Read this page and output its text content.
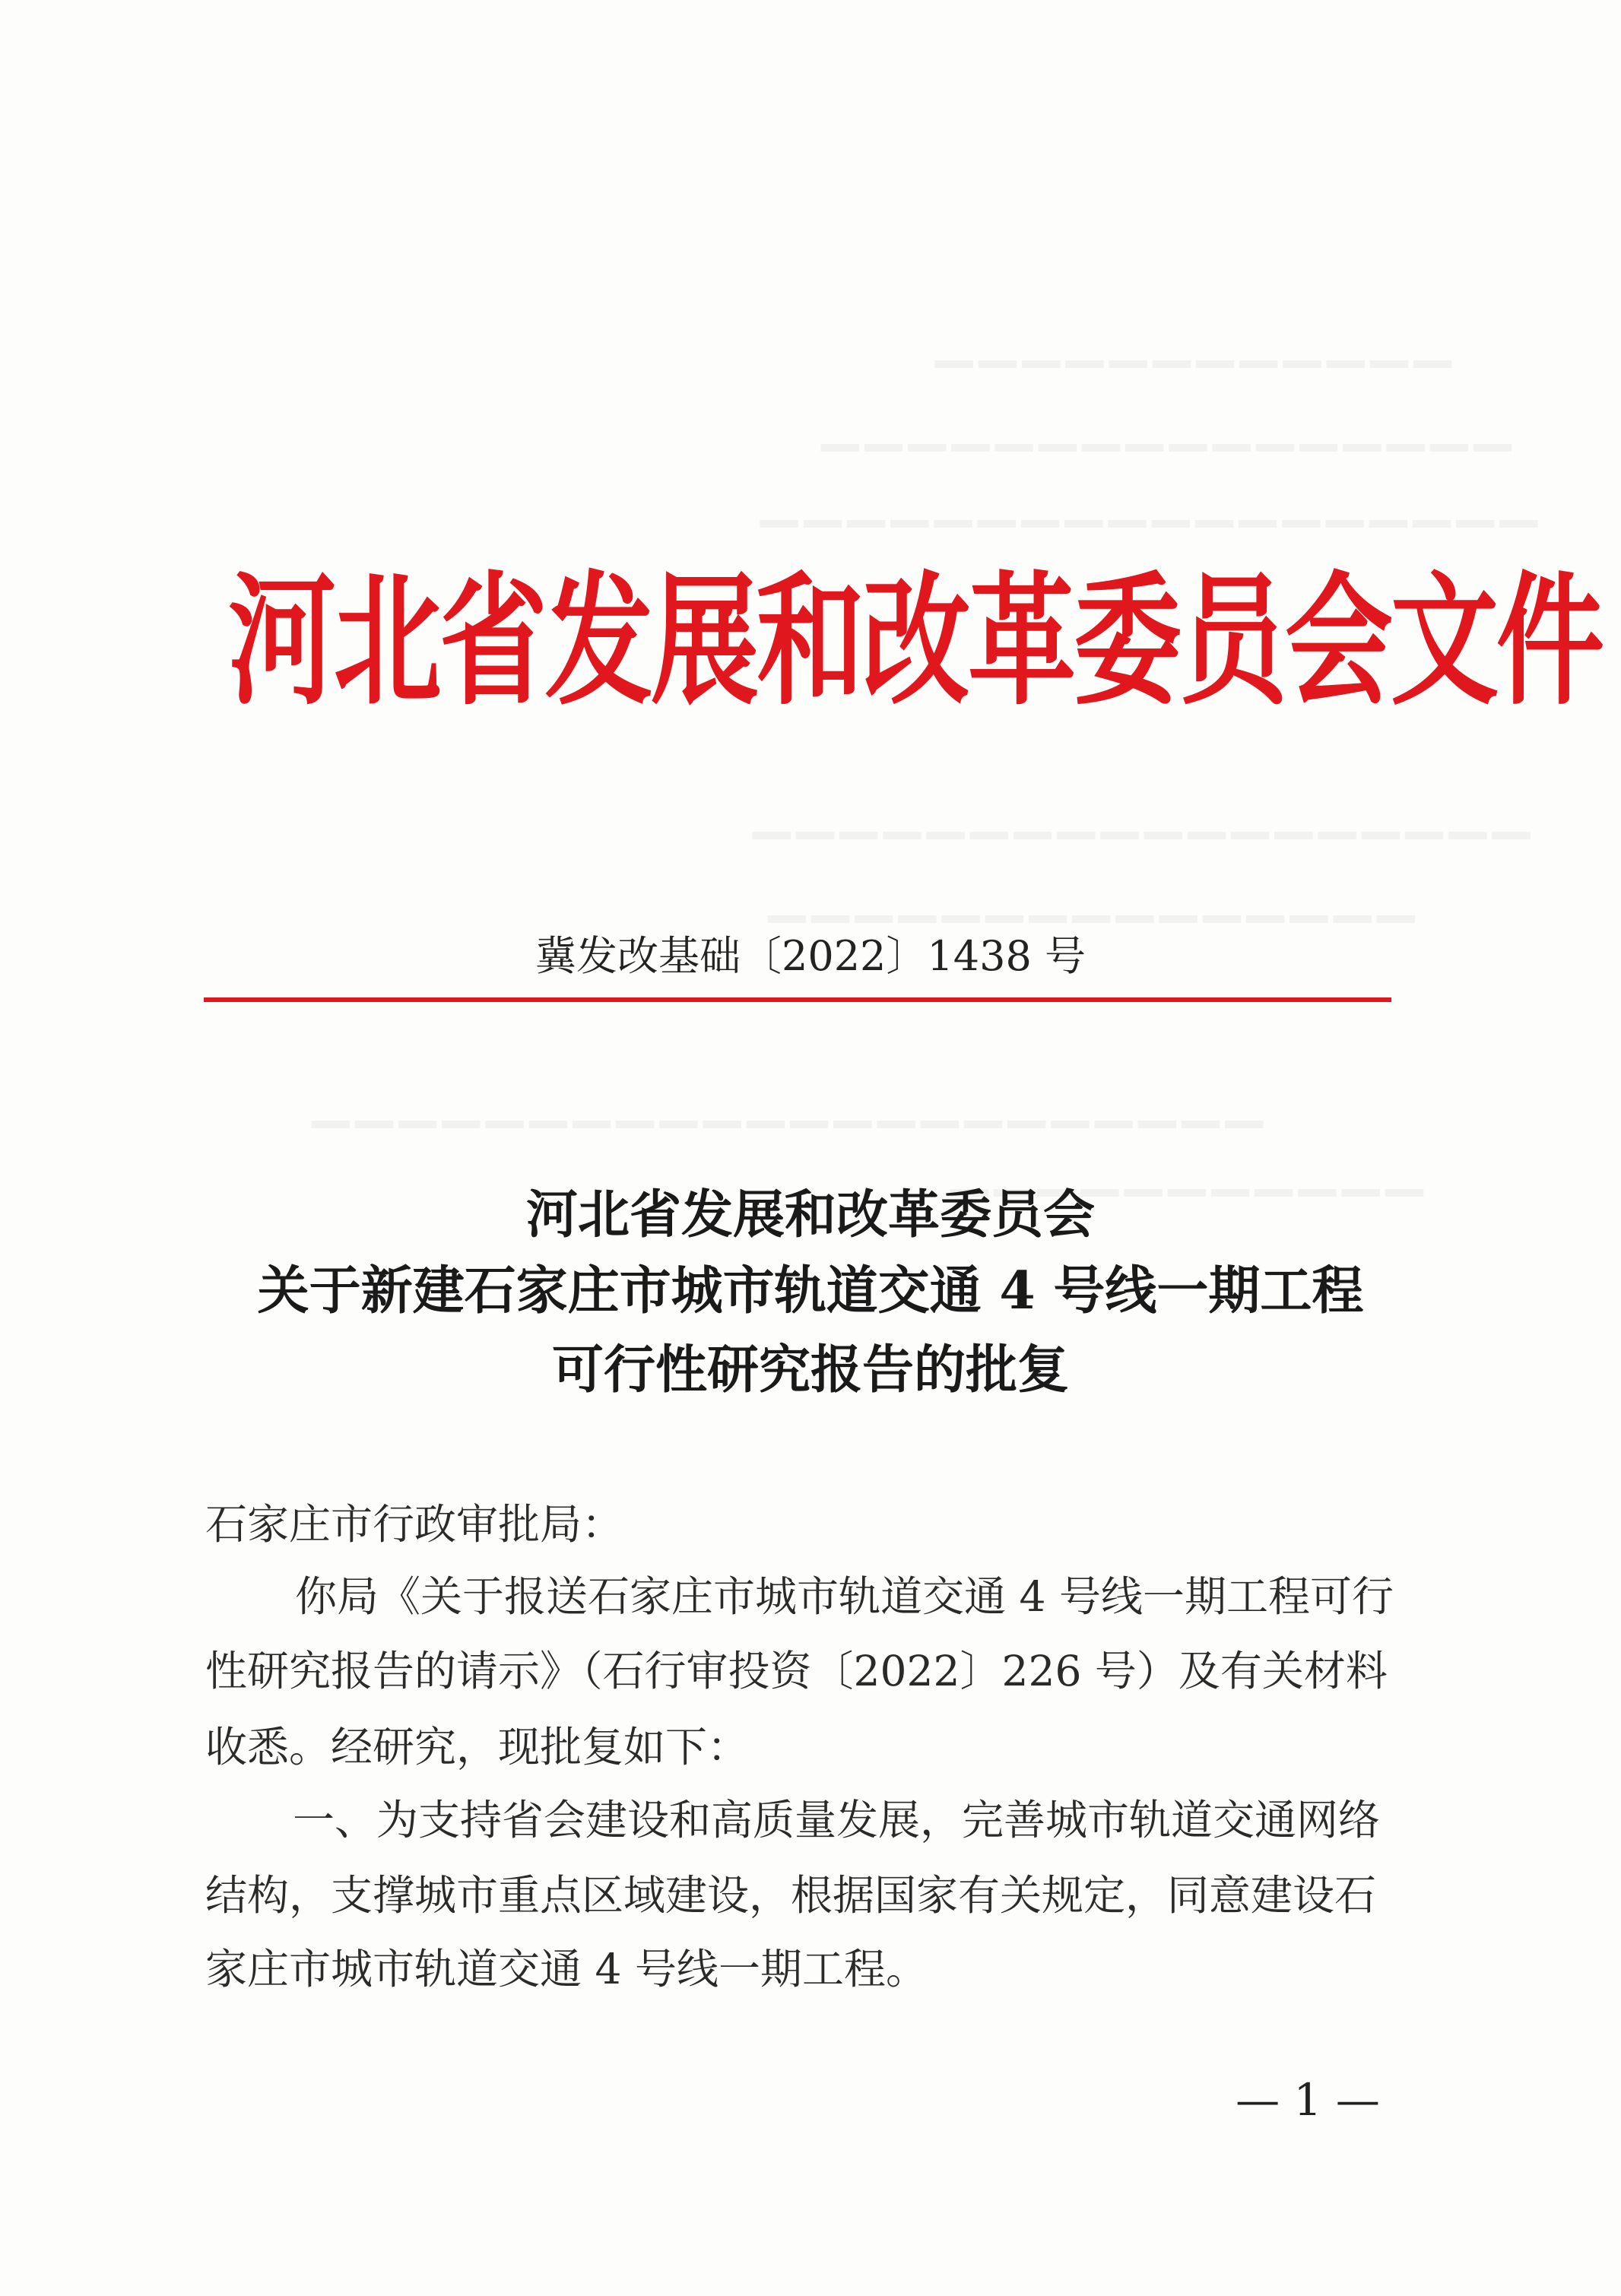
▁▁▁▁▁▁▁▁▁▁▁▁
▁▁▁▁▁▁▁▁▁▁▁▁▁▁▁▁
▁▁▁▁▁▁▁▁▁▁▁▁▁▁▁▁▁▁
▁▁▁▁▁▁▁▁▁▁▁▁▁▁▁▁▁▁
▁▁▁▁▁▁▁▁▁▁▁▁▁▁▁
▁▁▁▁▁▁▁▁▁▁▁▁▁▁▁▁▁▁▁▁▁▁
▁▁▁▁▁▁▁▁▁▁▁
河北省发展和改革委员会文件
冀发改基础〔2022〕1438 号
河北省发展和改革委员会
关于新建石家庄市城市轨道交通 4 号线一期工程
可行性研究报告的批复
石家庄市行政审批局：
你局《关于报送石家庄市城市轨道交通 4 号线一期工程可行
性研究报告的请示》（石行审投资〔2022〕226 号）及有关材料
收悉。经研究，现批复如下：
一、为支持省会建设和高质量发展，完善城市轨道交通网络
结构，支撑城市重点区域建设，根据国家有关规定，同意建设石
家庄市城市轨道交通 4 号线一期工程。
— 1 —
